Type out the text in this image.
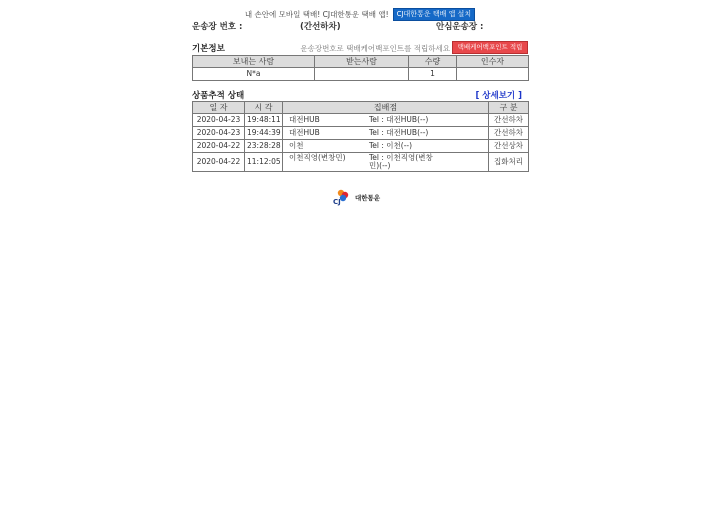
내 손안에 모바일 택배! CJ대한통운 택배 앱!	CJ대한통운 택배 앱 설치
운송장 번호 :	(간선하차)	안심운송장 :
기본정보	운송장번호로 택배케어백포인트를 적립하세요	택배케어백포인트 적립
보내는 사람	받는사람	수량	인수자
N*a		1	
상품추적 상태	[ 상세보기 ]
일 자	시 각	집배점	구 분
2020-04-23	19:48:11	대전HUB Tel : 대전HUB(--)	간선하차
2020-04-23	19:44:39	대전HUB Tel : 대전HUB(--)	간선하차
2020-04-22	23:28:28	이천 Tel : 이천(--)	간선상차
2020-04-22	11:12:05	이천직영(변창민) Tel : 이천직영(변창민)(--)	집화처리
CJ
대한통운
